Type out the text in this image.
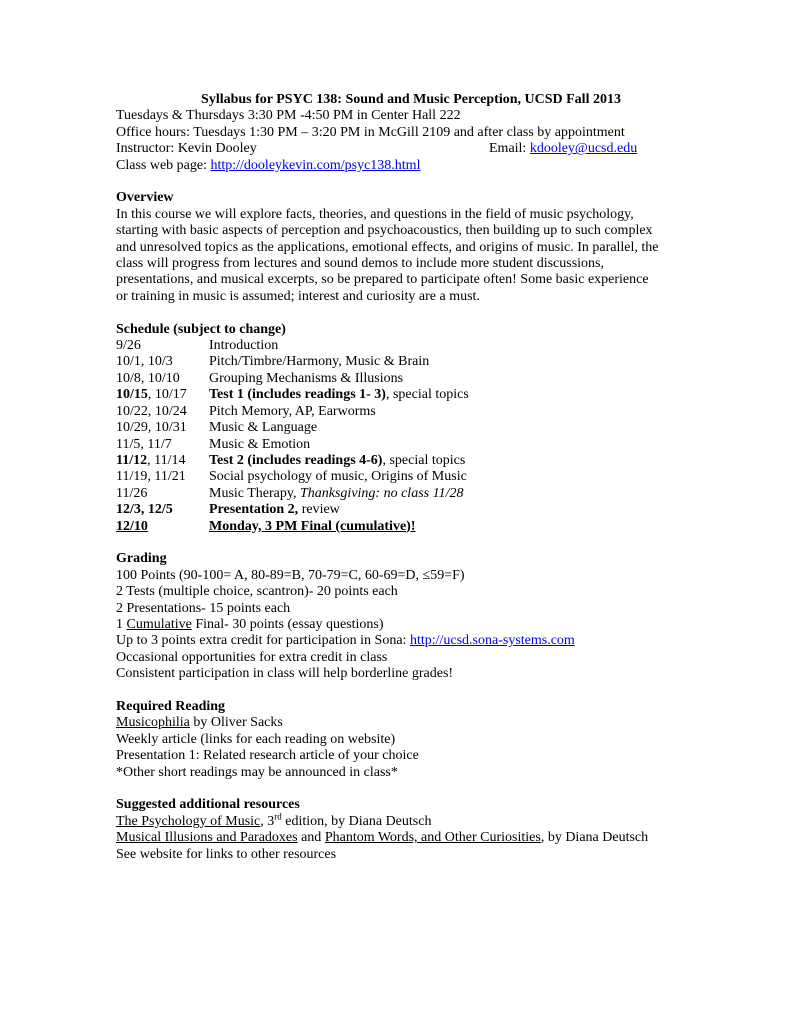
Syllabus for PSYC 138: Sound and Music Perception, UCSD Fall 2013
Tuesdays & Thursdays 3:30 PM -4:50 PM in Center Hall 222
Office hours: Tuesdays 1:30 PM – 3:20 PM in McGill 2109 and after class by appointment
Instructor: Kevin Dooley	Email: kdooley@ucsd.edu
Class web page: http://dooleykevin.com/psyc138.html
Overview
In this course we will explore facts, theories, and questions in the field of music psychology,
starting with basic aspects of perception and psychoacoustics, then building up to such complex
and unresolved topics as the applications, emotional effects, and origins of music. In parallel, the
class will progress from lectures and sound demos to include more student discussions,
presentations, and musical excerpts, so be prepared to participate often! Some basic experience
or training in music is assumed; interest and curiosity are a must.
Schedule (subject to change)
9/26	Introduction
10/1, 10/3	Pitch/Timbre/Harmony, Music & Brain
10/8, 10/10	Grouping Mechanisms & Illusions
10/15, 10/17	Test 1 (includes readings 1- 3), special topics
10/22, 10/24	Pitch Memory, AP, Earworms
10/29, 10/31	Music & Language
11/5, 11/7	Music & Emotion
11/12, 11/14	Test 2 (includes readings 4-6), special topics
11/19, 11/21	Social psychology of music, Origins of Music
11/26	Music Therapy, Thanksgiving: no class 11/28
12/3, 12/5	Presentation 2, review
12/10	Monday, 3 PM Final (cumulative)!
Grading
100 Points (90-100= A, 80-89=B, 70-79=C, 60-69=D, ≤59=F)
2 Tests (multiple choice, scantron)- 20 points each
2 Presentations- 15 points each
1 Cumulative Final- 30 points (essay questions)
Up to 3 points extra credit for participation in Sona: http://ucsd.sona-systems.com
Occasional opportunities for extra credit in class
Consistent participation in class will help borderline grades!
Required Reading
Musicophilia by Oliver Sacks
Weekly article (links for each reading on website)
Presentation 1: Related research article of your choice
*Other short readings may be announced in class*
Suggested additional resources
The Psychology of Music, 3rd edition, by Diana Deutsch
Musical Illusions and Paradoxes and Phantom Words, and Other Curiosities, by Diana Deutsch
See website for links to other resources
